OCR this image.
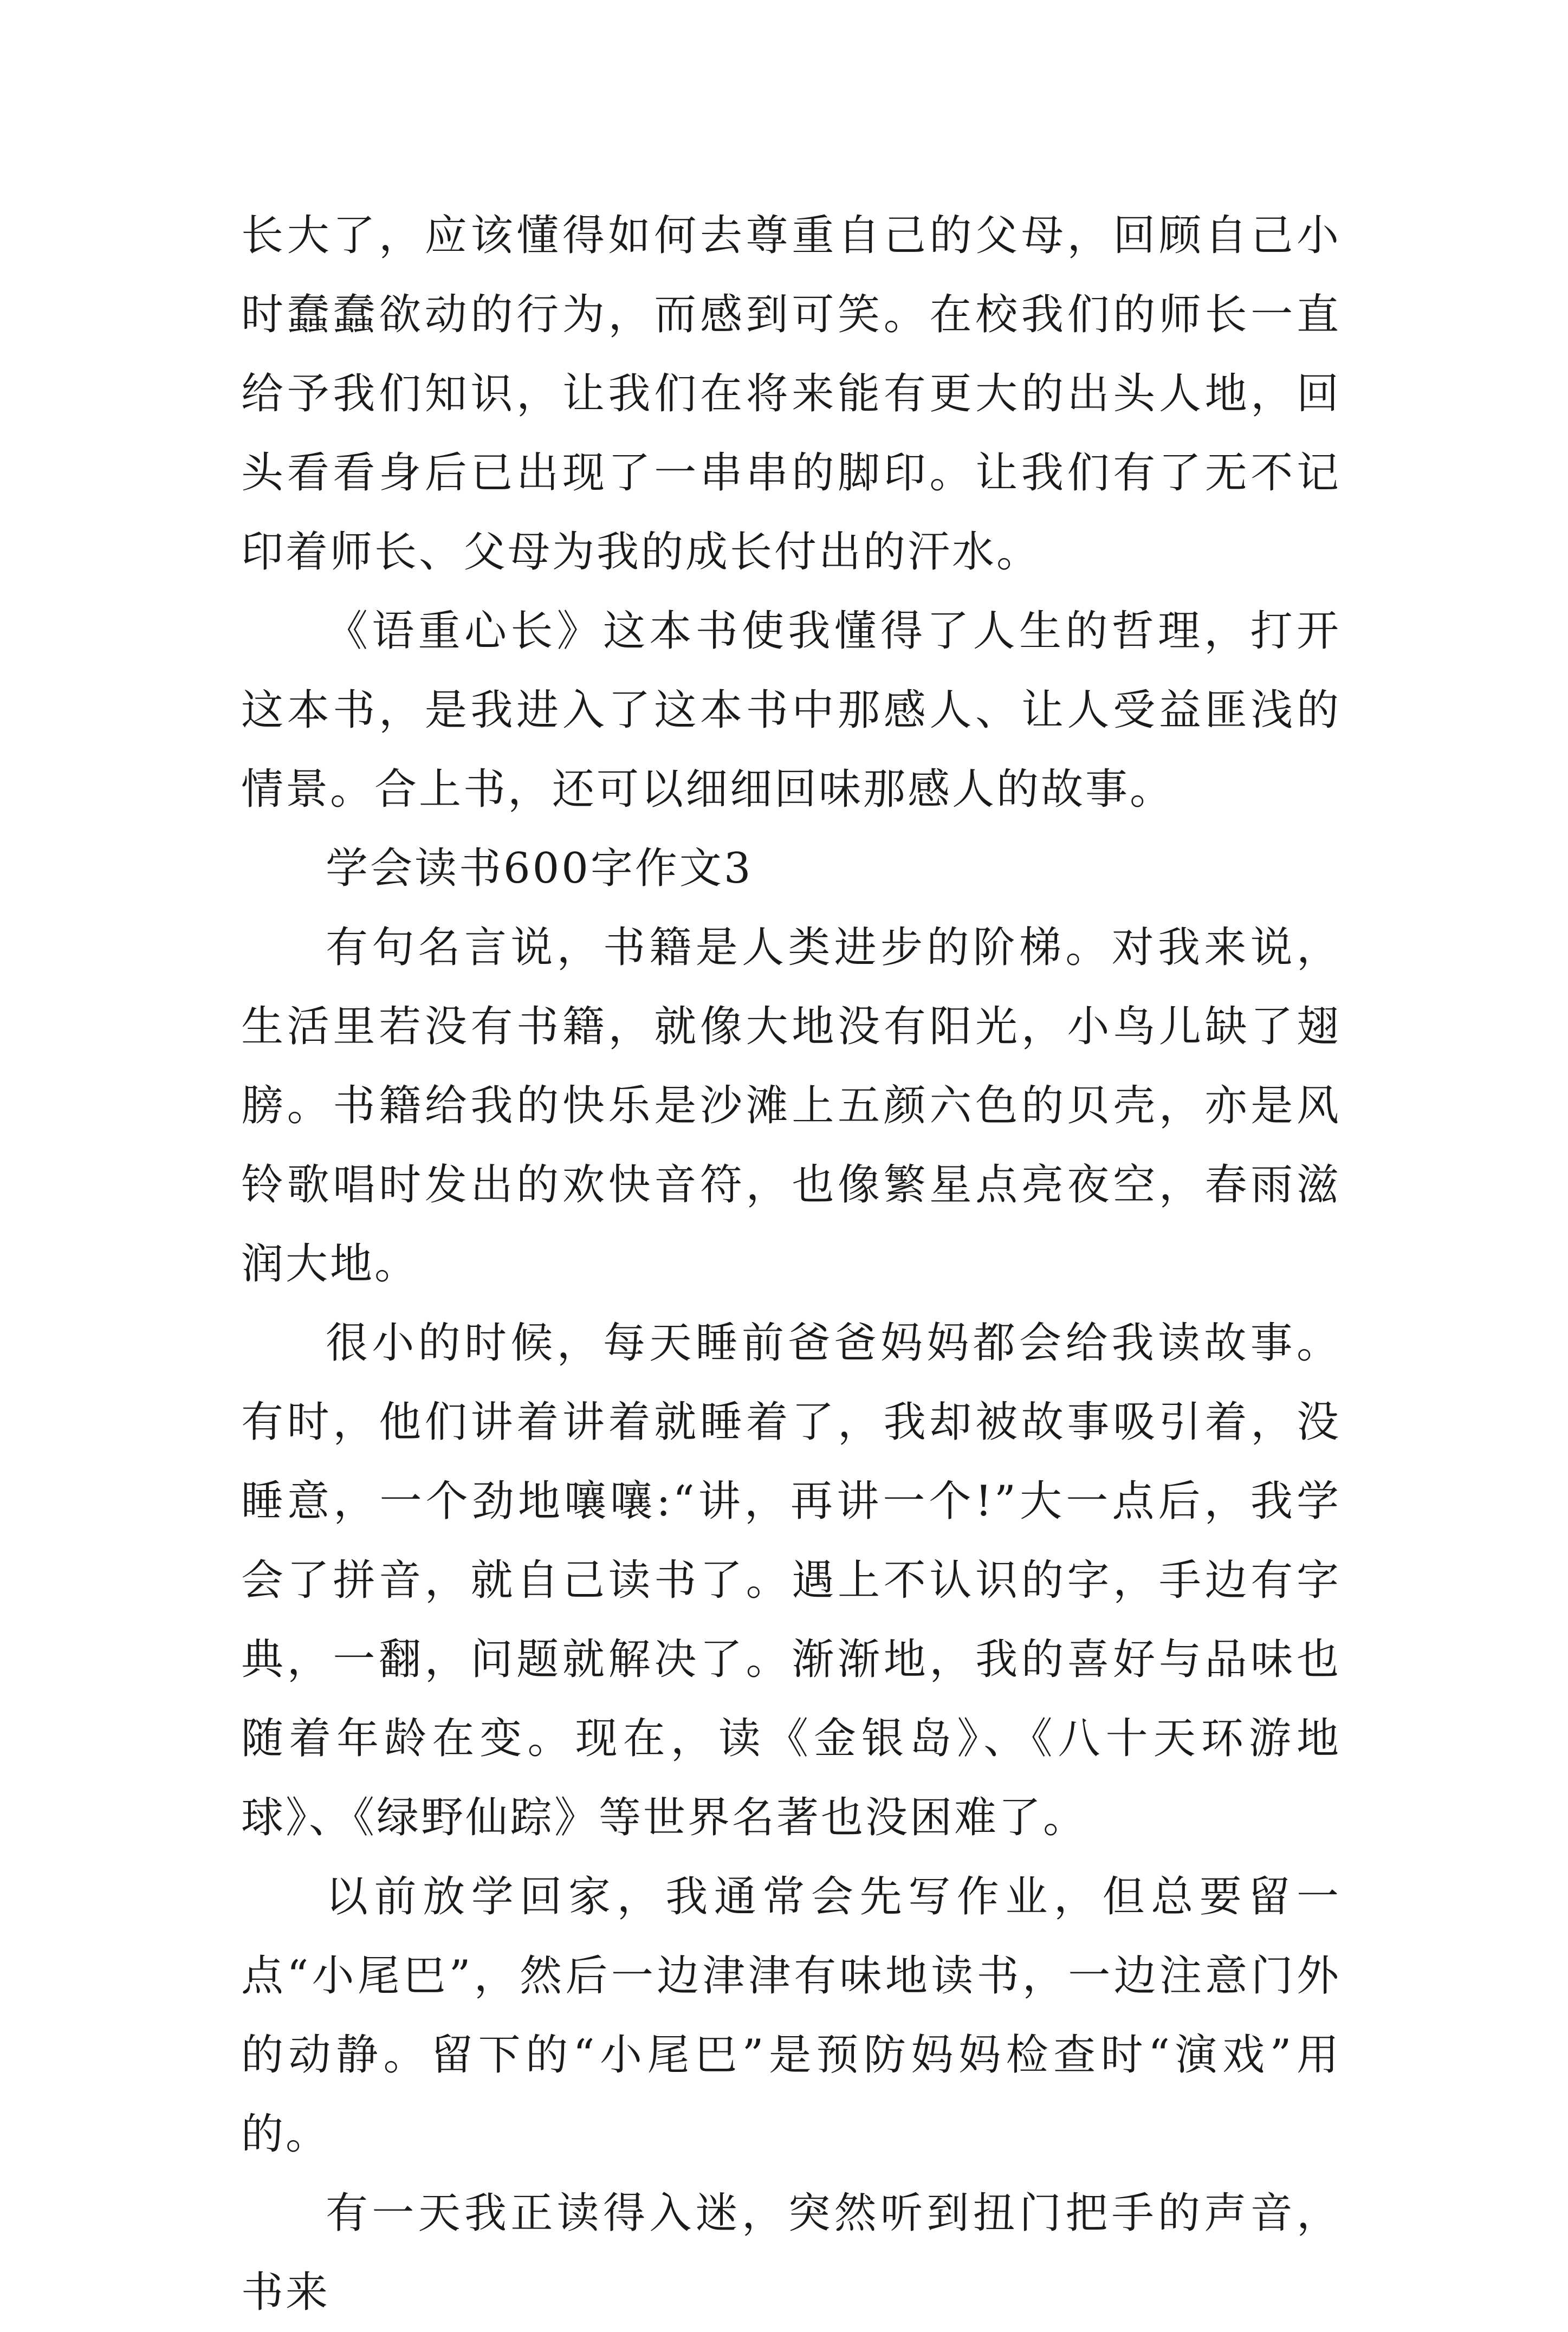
长大了，应该懂得如何去尊重自己的父母，回顾自己小时蠢蠢欲动的行为，而感到可笑。在校我们的师长一直给予我们知识，让我们在将来能有更大的出头人地，回头看看身后已出现了一串串的脚印。让我们有了无不记印着师长、父母为我的成长付出的汗水。

《语重心长》这本书使我懂得了人生的哲理，打开这本书，是我进入了这本书中那感人、让人受益匪浅的情景。合上书，还可以细细回味那感人的故事。

学会读书600字作文3

有句名言说，书籍是人类进步的阶梯。对我来说，生活里若没有书籍，就像大地没有阳光，小鸟儿缺了翅膀。书籍给我的快乐是沙滩上五颜六色的贝壳，亦是风铃歌唱时发出的欢快音符，也像繁星点亮夜空，春雨滋润大地。

很小的时候，每天睡前爸爸妈妈都会给我读故事。有时，他们讲着讲着就睡着了，我却被故事吸引着，没睡意，一个劲地嚷嚷:“讲，再讲一个!”大一点后，我学会了拼音，就自己读书了。遇上不认识的字，手边有字典，一翻，问题就解决了。渐渐地，我的喜好与品味也随着年龄在变。现在，读《金银岛》、《八十天环游地球》、《绿野仙踪》等世界名著也没困难了。

以前放学回家，我通常会先写作业，但总要留一点“小尾巴”，然后一边津津有味地读书，一边注意门外的动静。留下的“小尾巴”是预防妈妈检查时“演戏”用的。

有一天我正读得入迷，突然听到扭门把手的声音，书来
